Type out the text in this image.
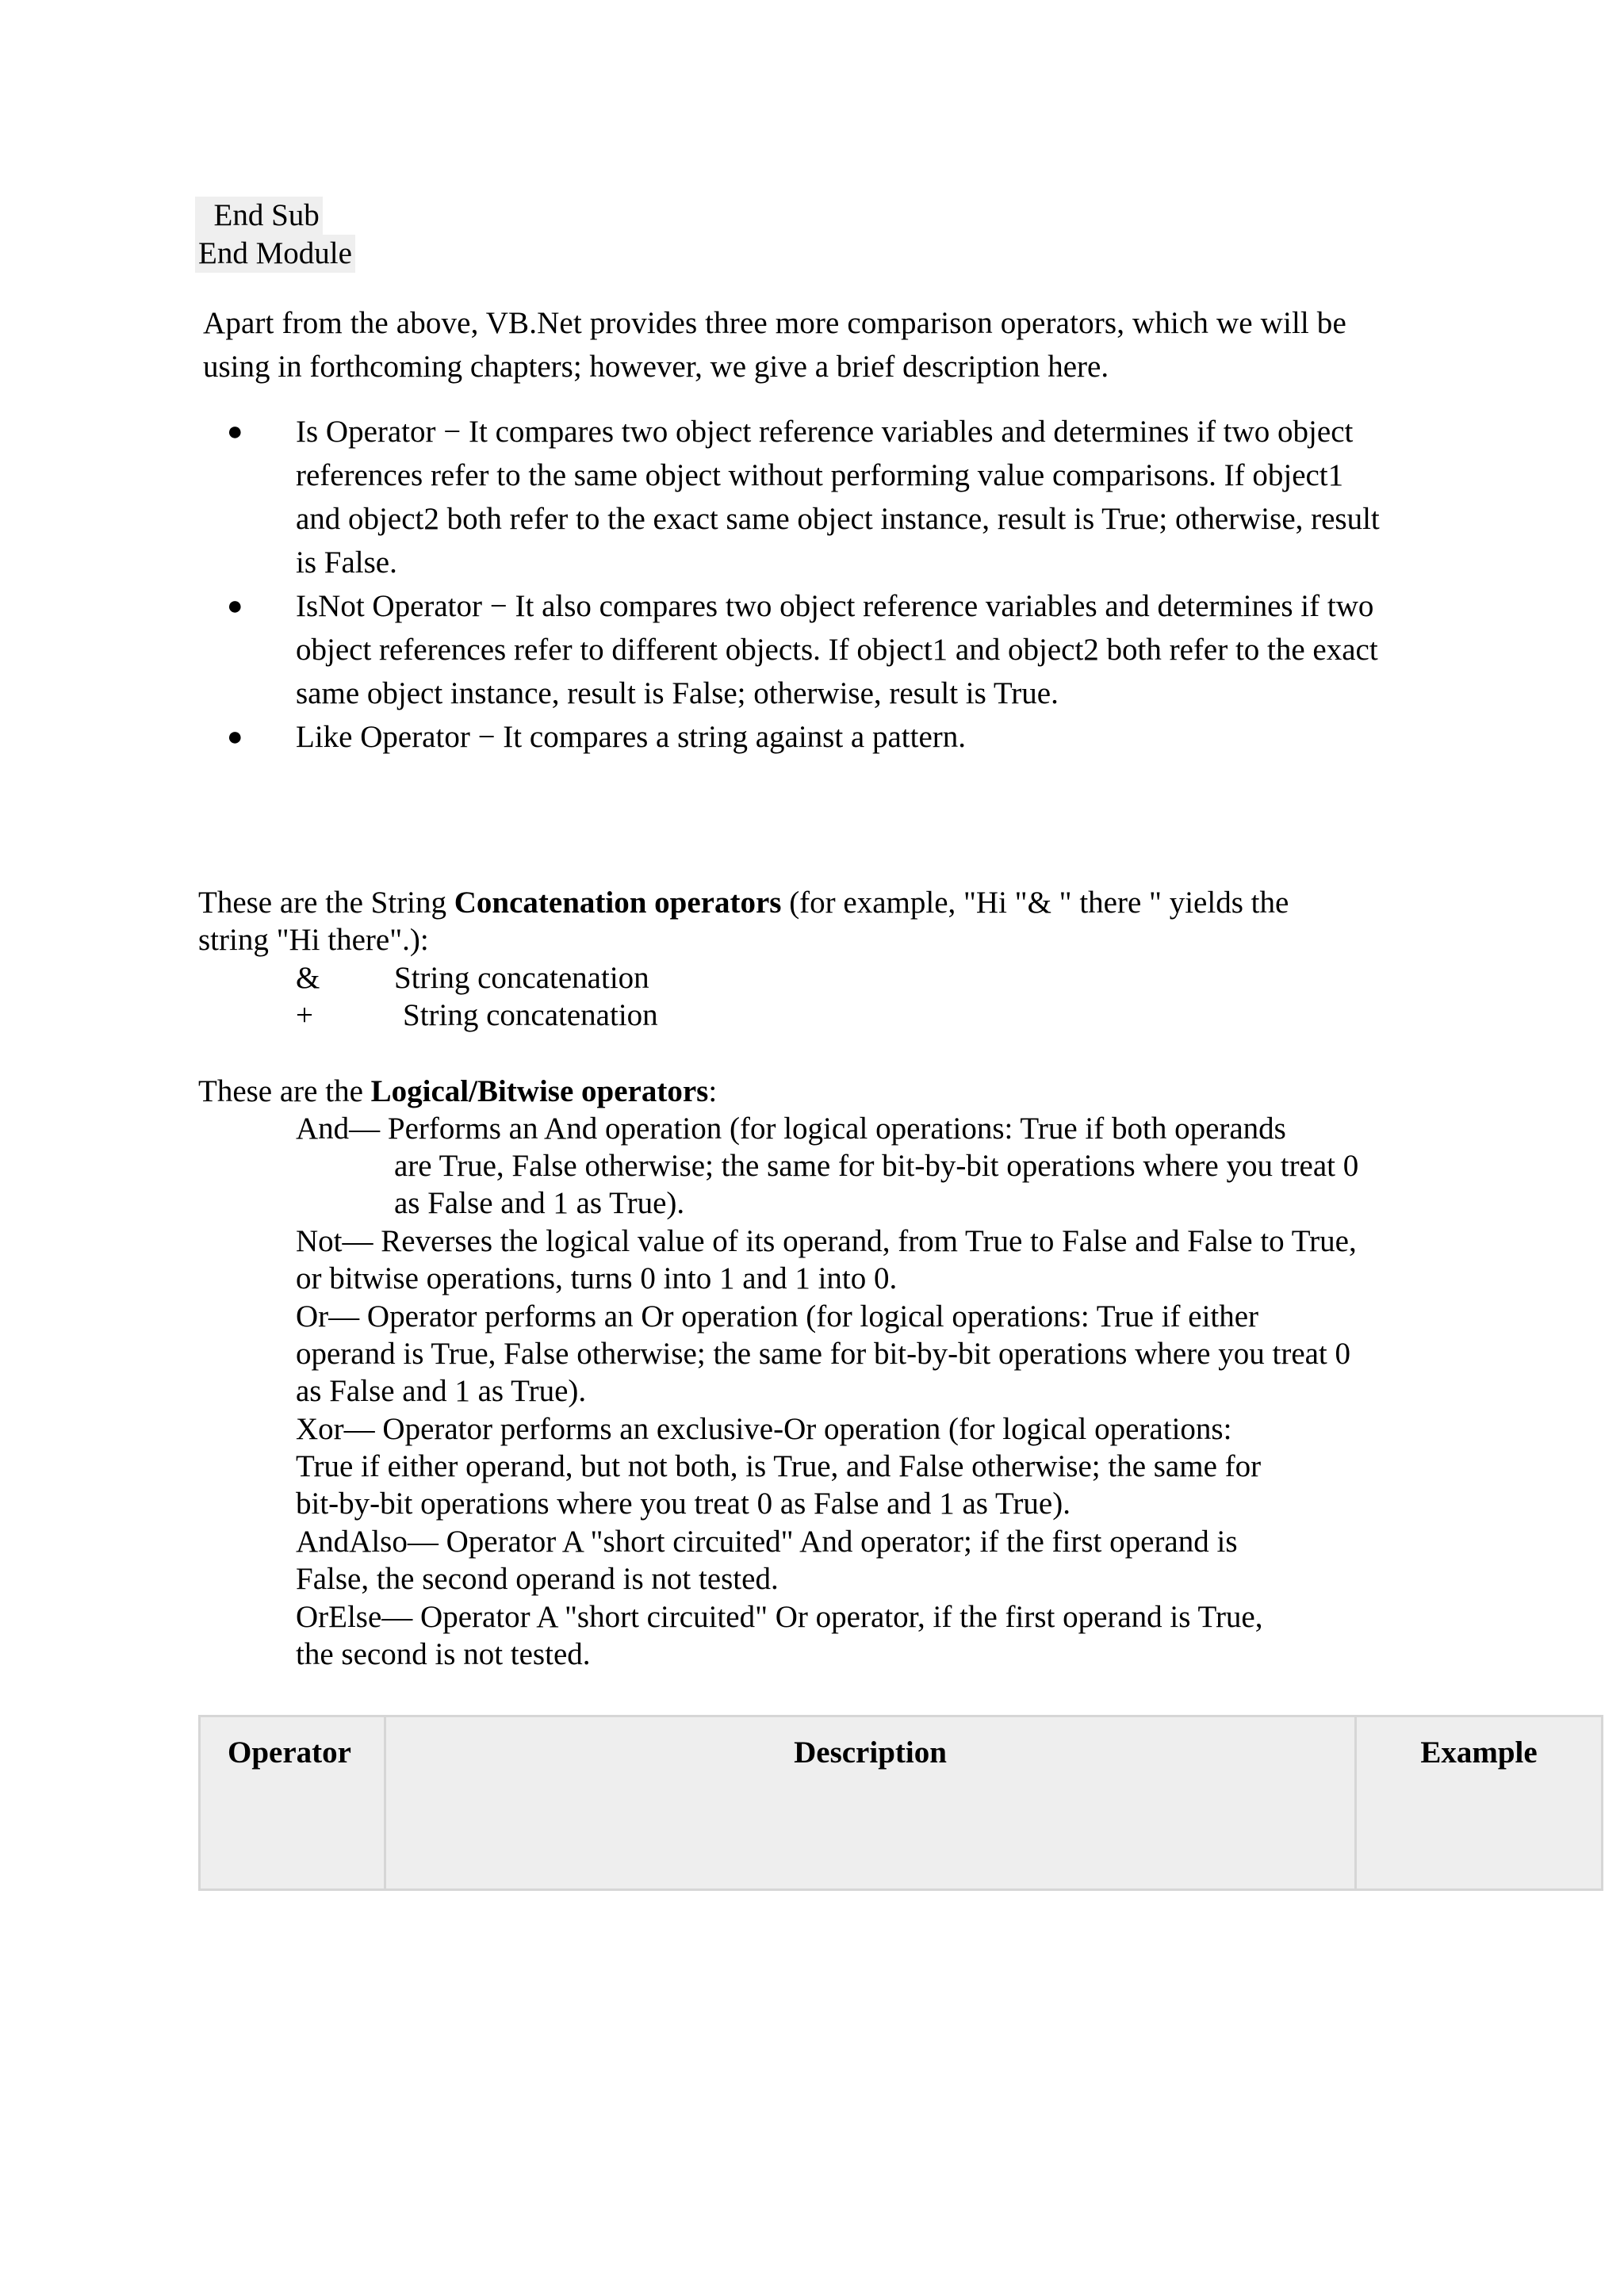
End Sub
End Module
Apart from the above, VB.Net provides three more comparison operators, which we will be
using in forthcoming chapters; however, we give a brief description here.
● Is Operator − It compares two object reference variables and determines if two object
references refer to the same object without performing value comparisons. If object1
and object2 both refer to the exact same object instance, result is True; otherwise, result
is False.
● IsNot Operator − It also compares two object reference variables and determines if two
object references refer to different objects. If object1 and object2 both refer to the exact
same object instance, result is False; otherwise, result is True.
● Like Operator − It compares a string against a pattern.
These are the String Concatenation operators (for example, "Hi "& " there " yields the
string "Hi there".):
& String concatenation
+	String concatenation
These are the Logical/Bitwise operators:
And— Performs an And operation (for logical operations: True if both operands
are True, False otherwise; the same for bit-by-bit operations where you treat 0
as False and 1 as True).
Not— Reverses the logical value of its operand, from True to False and False to True,
or bitwise operations, turns 0 into 1 and 1 into 0.
Or— Operator performs an Or operation (for logical operations: True if either
operand is True, False otherwise; the same for bit-by-bit operations where you treat 0
as False and 1 as True).
Xor— Operator performs an exclusive-Or operation (for logical operations:
True if either operand, but not both, is True, and False otherwise; the same for
bit-by-bit operations where you treat 0 as False and 1 as True).
AndAlso— Operator A "short circuited" And operator; if the first operand is
False, the second operand is not tested.
OrElse— Operator A "short circuited" Or operator, if the first operand is True,
the second is not tested.
Operator	Description	Example
